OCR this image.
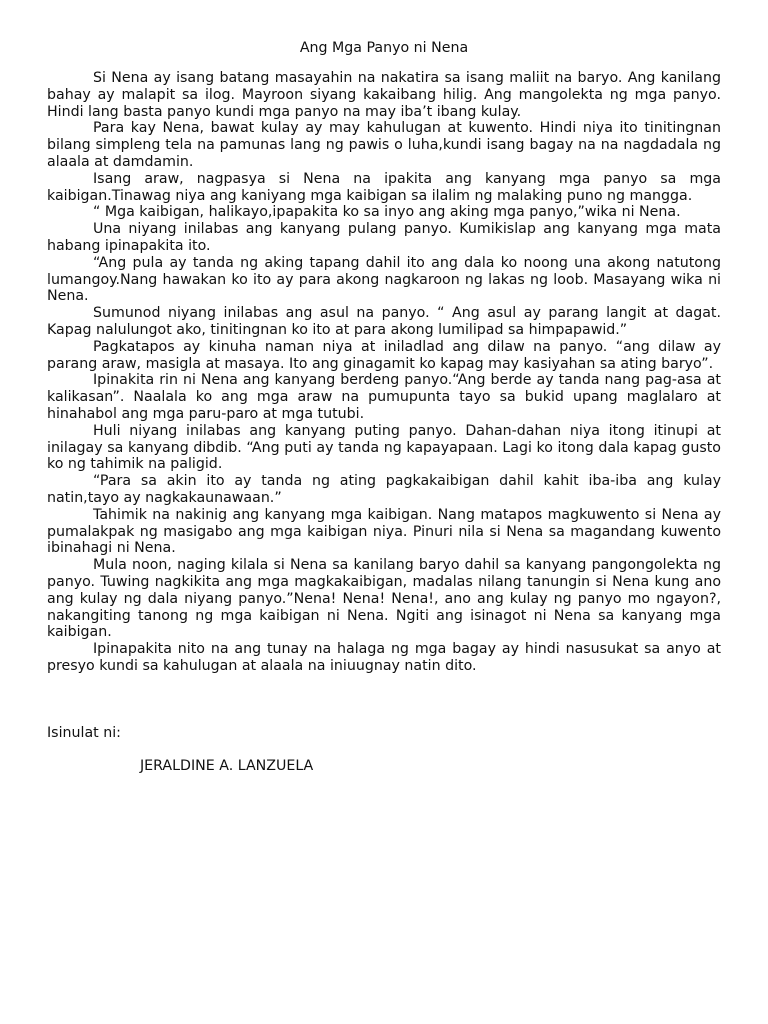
Ang Mga Panyo ni Nena

Si Nena ay isang batang masayahin na nakatira sa isang maliit na baryo. Ang kanilang bahay ay malapit sa ilog. Mayroon siyang kakaibang hilig. Ang mangolekta ng mga panyo. Hindi lang basta panyo kundi mga panyo na may iba’t ibang kulay.

Para kay Nena, bawat kulay ay may kahulugan at kuwento. Hindi niya ito tinitingnan bilang simpleng tela na pamunas lang ng pawis o luha,kundi isang bagay na na nagdadala ng alaala at damdamin.

Isang araw, nagpasya si Nena na ipakita ang kanyang mga panyo sa mga kaibigan.Tinawag niya ang kaniyang mga kaibigan sa ilalim ng malaking puno ng mangga.

“ Mga kaibigan, halikayo,ipapakita ko sa inyo ang aking mga panyo,”wika ni Nena.

Una niyang inilabas ang kanyang pulang panyo. Kumikislap ang kanyang mga mata habang ipinapakita ito.

“Ang pula ay tanda ng aking tapang dahil ito ang dala ko noong una akong natutong lumangoy.Nang hawakan ko ito ay para akong nagkaroon ng lakas ng loob. Masayang wika ni Nena.

Sumunod niyang inilabas ang asul na panyo. “ Ang asul ay parang langit at dagat. Kapag nalulungot ako, tinitingnan ko ito at para akong lumilipad sa himpapawid.”

Pagkatapos ay kinuha naman niya at iniladlad ang dilaw na panyo. “ang dilaw ay parang araw, masigla at masaya. Ito ang ginagamit ko kapag may kasiyahan sa ating baryo”.

Ipinakita rin ni Nena ang kanyang berdeng panyo.“Ang berde ay tanda nang pag-asa at kalikasan”. Naalala ko ang mga araw na pumupunta tayo sa bukid upang maglalaro at hinahabol ang mga paru-paro at mga tutubi.

Huli niyang inilabas ang kanyang puting panyo. Dahan-dahan niya itong itinupi at inilagay sa kanyang dibdib. “Ang puti ay tanda ng kapayapaan. Lagi ko itong dala kapag gusto ko ng tahimik na paligid.

“Para sa akin ito ay tanda ng ating pagkakaibigan dahil kahit iba-iba ang kulay natin,tayo ay nagkakaunawaan.”

Tahimik na nakinig ang kanyang mga kaibigan. Nang matapos magkuwento si Nena ay pumalakpak ng masigabo ang mga kaibigan niya. Pinuri nila si Nena sa magandang kuwento ibinahagi ni Nena.

Mula noon, naging kilala si Nena sa kanilang baryo dahil sa kanyang pangongolekta ng panyo. Tuwing nagkikita ang mga magkakaibigan, madalas nilang tanungin si Nena kung ano ang kulay ng dala niyang panyo.”Nena! Nena! Nena!, ano ang kulay ng panyo mo ngayon?, nakangiting tanong ng mga kaibigan ni Nena. Ngiti ang isinagot ni Nena sa kanyang mga kaibigan.

Ipinapakita nito na ang tunay na halaga ng mga bagay ay hindi nasusukat sa anyo at presyo kundi sa kahulugan at alaala na iniuugnay natin dito.

Isinulat ni:

JERALDINE A. LANZUELA
